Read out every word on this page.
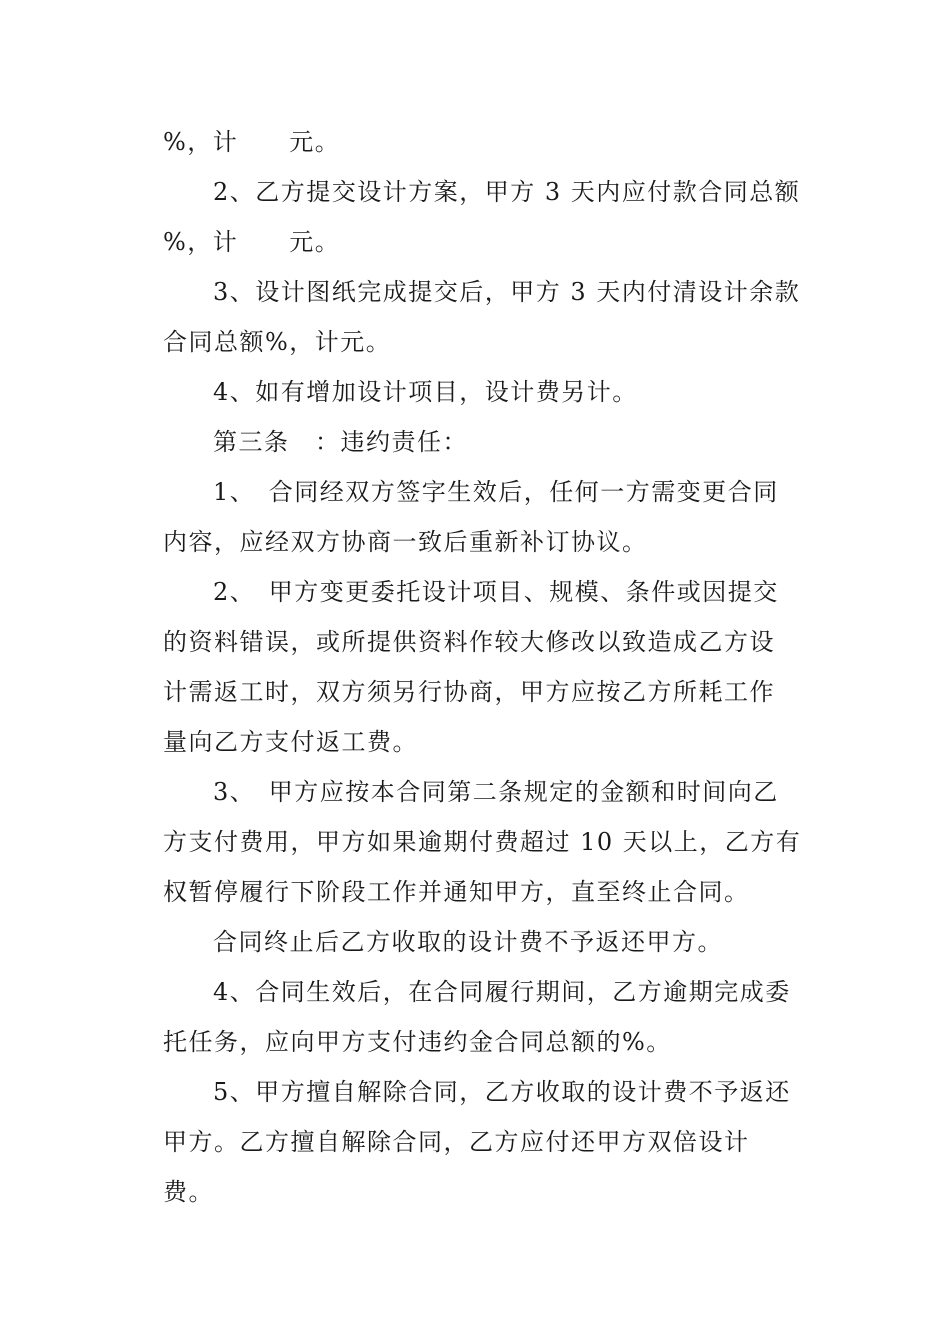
%，计　　元。

2、乙方提交设计方案，甲方 3 天内应付款合同总额

%，计　　元。

3、设计图纸完成提交后，甲方 3 天内付清设计余款

合同总额%，计元。

4、如有增加设计项目，设计费另计。

第三条　：违约责任：

1、　合同经双方签字生效后，任何一方需变更合同

内容，应经双方协商一致后重新补订协议。

2、　甲方变更委托设计项目、规模、条件或因提交

的资料错误，或所提供资料作较大修改以致造成乙方设

计需返工时，双方须另行协商，甲方应按乙方所耗工作

量向乙方支付返工费。

3、　甲方应按本合同第二条规定的金额和时间向乙

方支付费用，甲方如果逾期付费超过 10 天以上，乙方有

权暂停履行下阶段工作并通知甲方，直至终止合同。

合同终止后乙方收取的设计费不予返还甲方。

4、合同生效后，在合同履行期间，乙方逾期完成委

托任务，应向甲方支付违约金合同总额的%。

5、甲方擅自解除合同，乙方收取的设计费不予返还

甲方。乙方擅自解除合同，乙方应付还甲方双倍设计

费。
